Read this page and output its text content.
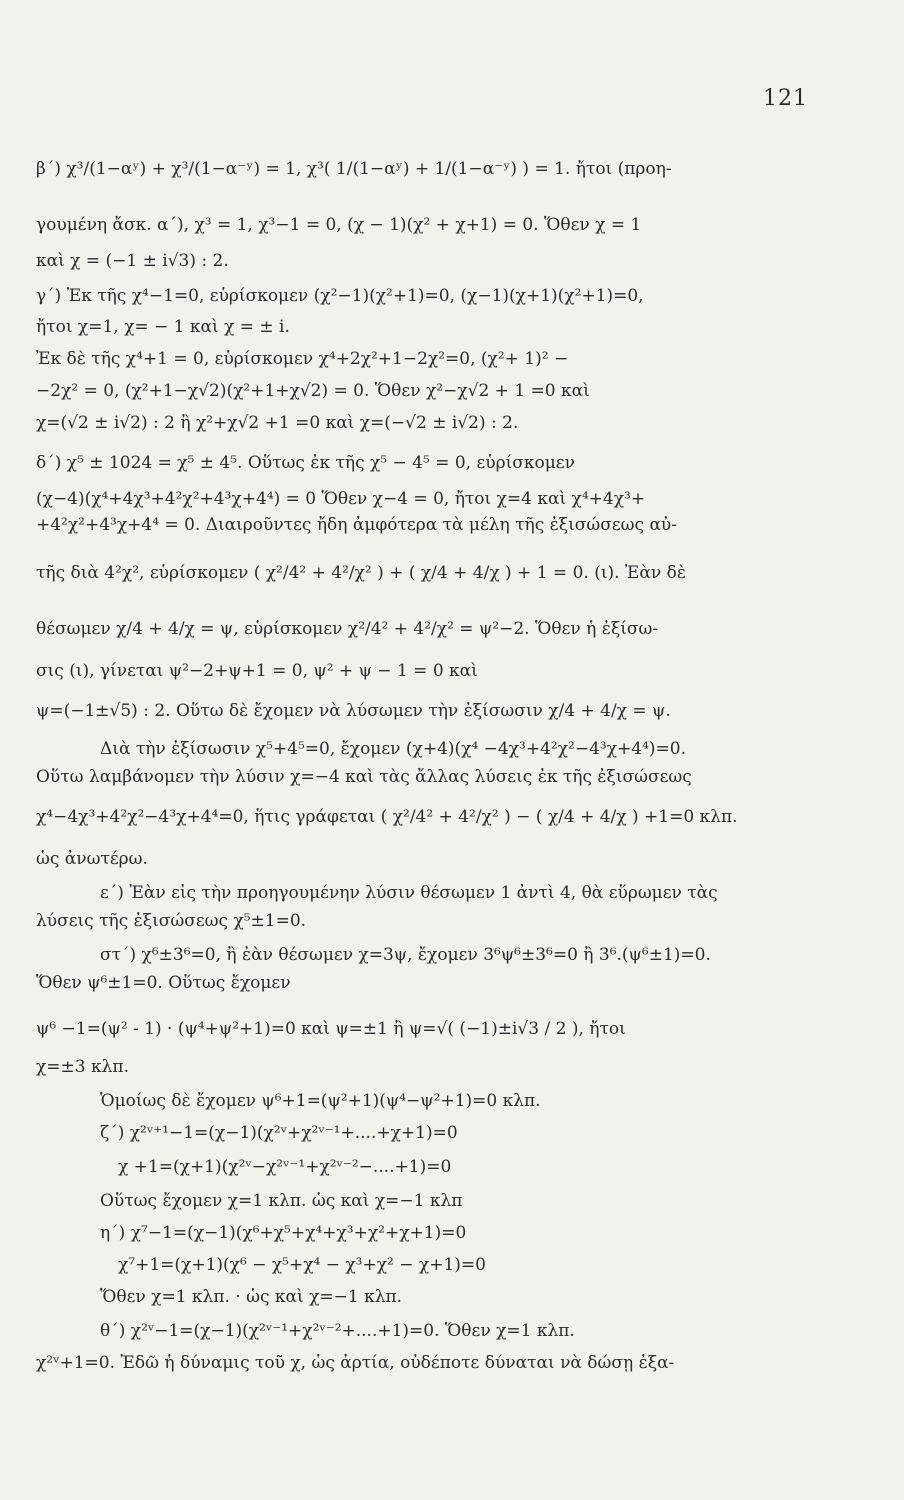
121
β΄) χ³/(1−αʸ) + χ³/(1−α⁻ʸ) = 1, χ³( 1/(1−αʸ) + 1/(1−α⁻ʸ) ) = 1. ἤτοι (προη-
γουμένη ἄσκ. α΄), χ³ = 1, χ³−1 = 0, (χ − 1)(χ² + χ+1) = 0. Ὅθεν χ = 1
καὶ χ = (−1 ± i√3) : 2.
γ΄) Ἐκ τῆς χ⁴−1=0, εὑρίσκομεν (χ²−1)(χ²+1)=0, (χ−1)(χ+1)(χ²+1)=0,
ἤτοι χ=1, χ= − 1 καὶ χ = ± i.
Ἐκ δὲ τῆς χ⁴+1 = 0, εὑρίσκομεν χ⁴+2χ²+1−2χ²=0, (χ²+ 1)² −
−2χ² = 0, (χ²+1−χ√2)(χ²+1+χ√2) = 0. Ὅθεν χ²−χ√2 + 1 =0 καὶ
χ=(√2 ± i√2) : 2 ἢ χ²+χ√2 +1 =0 καὶ χ=(−√2 ± i√2) : 2.
δ΄) χ⁵ ± 1024 = χ⁵ ± 4⁵. Οὕτως ἐκ τῆς χ⁵ − 4⁵ = 0, εὑρίσκομεν
(χ−4)(χ⁴+4χ³+4²χ²+4³χ+4⁴) = 0 Ὅθεν χ−4 = 0, ἤτοι χ=4 καὶ χ⁴+4χ³+
+4²χ²+4³χ+4⁴ = 0. Διαιροῦντες ἤδη ἀμφότερα τὰ μέλη τῆς ἐξισώσεως αὐ-
τῆς διὰ 4²χ², εὑρίσκομεν ( χ²/4² + 4²/χ² ) + ( χ/4 + 4/χ ) + 1 = 0. (ι). Ἐὰν δὲ
θέσωμεν χ/4 + 4/χ = ψ, εὑρίσκομεν χ²/4² + 4²/χ² = ψ²−2. Ὅθεν ἡ ἐξίσω-
σις (ι), γίνεται ψ²−2+ψ+1 = 0, ψ² + ψ − 1 = 0 καὶ
ψ=(−1±√5) : 2. Οὕτω δὲ ἔχομεν νὰ λύσωμεν τὴν ἐξίσωσιν χ/4 + 4/χ = ψ.
Διὰ τὴν ἐξίσωσιν χ⁵+4⁵=0, ἔχομεν (χ+4)(χ⁴ −4χ³+4²χ²−4³χ+4⁴)=0.
Οὕτω λαμβάνομεν τὴν λύσιν χ=−4 καὶ τὰς ἄλλας λύσεις ἐκ τῆς ἐξισώσεως
χ⁴−4χ³+4²χ²−4³χ+4⁴=0, ἥτις γράφεται ( χ²/4² + 4²/χ² ) − ( χ/4 + 4/χ ) +1=0 κλπ.
ὡς ἀνωτέρω.
ε΄) Ἐὰν εἰς τὴν προηγουμένην λύσιν θέσωμεν 1 ἀντὶ 4, θὰ εὕρωμεν τὰς
λύσεις τῆς ἐξισώσεως χ⁵±1=0.
στ΄) χ⁶±3⁶=0, ἢ ἐὰν θέσωμεν χ=3ψ, ἔχομεν 3⁶ψ⁶±3⁶=0 ἢ 3⁶.(ψ⁶±1)=0.
Ὅθεν ψ⁶±1=0. Οὕτως ἔχομεν
ψ⁶ −1=(ψ² - 1) · (ψ⁴+ψ²+1)=0 καὶ ψ=±1 ἢ ψ=√( (−1)±i√3 / 2 ), ἤτοι
χ=±3 κλπ.
Ὁμοίως δὲ ἔχομεν ψ⁶+1=(ψ²+1)(ψ⁴−ψ²+1)=0 κλπ.
ζ΄) χ²ᵛ⁺¹−1=(χ−1)(χ²ᵛ+χ²ᵛ⁻¹+....+χ+1)=0
χ +1=(χ+1)(χ²ᵛ−χ²ᵛ⁻¹+χ²ᵛ⁻²−....+1)=0
Οὕτως ἔχομεν χ=1 κλπ. ὡς καὶ χ=−1 κλπ
η΄) χ⁷−1=(χ−1)(χ⁶+χ⁵+χ⁴+χ³+χ²+χ+1)=0
χ⁷+1=(χ+1)(χ⁶ − χ⁵+χ⁴ − χ³+χ² − χ+1)=0
Ὅθεν χ=1 κλπ. · ὡς καὶ χ=−1 κλπ.
θ΄) χ²ᵛ−1=(χ−1)(χ²ᵛ⁻¹+χ²ᵛ⁻²+....+1)=0. Ὅθεν χ=1 κλπ.
χ²ᵛ+1=0. Ἐδῶ ἡ δύναμις τοῦ χ, ὡς ἀρτία, οὐδέποτε δύναται νὰ δώσῃ ἐξα-
